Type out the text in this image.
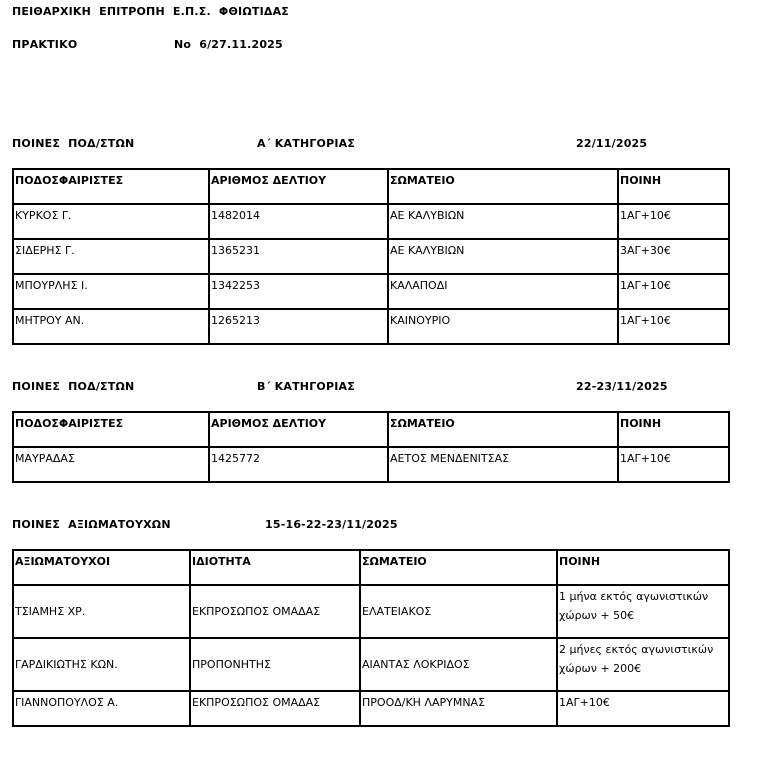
ΠΕΙΘΑΡΧΙΚΗ  ΕΠΙΤΡΟΠΗ  Ε.Π.Σ.  ΦΘΙΩΤΙΔΑΣ
ΠΡΑΚΤΙΚΟ	Νο  6/27.11.2025
ΠΟΙΝΕΣ  ΠΟΔ/ΣΤΩΝ	Α΄ ΚΑΤΗΓΟΡΙΑΣ	22/11/2025
ΠΟΔΟΣΦΑΙΡΙΣΤΕΣ	ΑΡΙΘΜΟΣ ΔΕΛΤΙΟΥ	ΣΩΜΑΤΕΙΟ	ΠΟΙΝΗ
ΚΥΡΚΟΣ Γ.	1482014	ΑΕ ΚΑΛΥΒΙΩΝ	1ΑΓ+10€
ΣΙΔΕΡΗΣ Γ.	1365231	ΑΕ ΚΑΛΥΒΙΩΝ	3ΑΓ+30€
ΜΠΟΥΡΛΗΣ Ι.	1342253	ΚΑΛΑΠΟΔΙ	1ΑΓ+10€
ΜΗΤΡΟΥ ΑΝ.	1265213	ΚΑΙΝΟΥΡΙΟ	1ΑΓ+10€
ΠΟΙΝΕΣ  ΠΟΔ/ΣΤΩΝ	Β΄ ΚΑΤΗΓΟΡΙΑΣ	22-23/11/2025
ΠΟΔΟΣΦΑΙΡΙΣΤΕΣ	ΑΡΙΘΜΟΣ ΔΕΛΤΙΟΥ	ΣΩΜΑΤΕΙΟ	ΠΟΙΝΗ
ΜΑΥΡΑΔΑΣ	1425772	ΑΕΤΟΣ ΜΕΝΔΕΝΙΤΣΑΣ	1ΑΓ+10€
ΠΟΙΝΕΣ  ΑΞΙΩΜΑΤΟΥΧΩΝ	15-16-22-23/11/2025
ΑΞΙΩΜΑΤΟΥΧΟΙ	ΙΔΙΟΤΗΤΑ	ΣΩΜΑΤΕΙΟ	ΠΟΙΝΗ
ΤΣΙΑΜΗΣ ΧΡ.	ΕΚΠΡΟΣΩΠΟΣ ΟΜΑΔΑΣ	ΕΛΑΤΕΙΑΚΟΣ	1 μήνα εκτός αγωνιστικών χώρων + 50€
ΓΑΡΔΙΚΙΩΤΗΣ ΚΩΝ.	ΠΡΟΠΟΝΗΤΗΣ	ΑΙΑΝΤΑΣ ΛΟΚΡΙΔΟΣ	2 μήνες εκτός αγωνιστικών χώρων + 200€
ΓΙΑΝΝΟΠΟΥΛΟΣ Α.	ΕΚΠΡΟΣΩΠΟΣ ΟΜΑΔΑΣ	ΠΡΟΟΔ/ΚΗ ΛΑΡΥΜΝΑΣ	1ΑΓ+10€
